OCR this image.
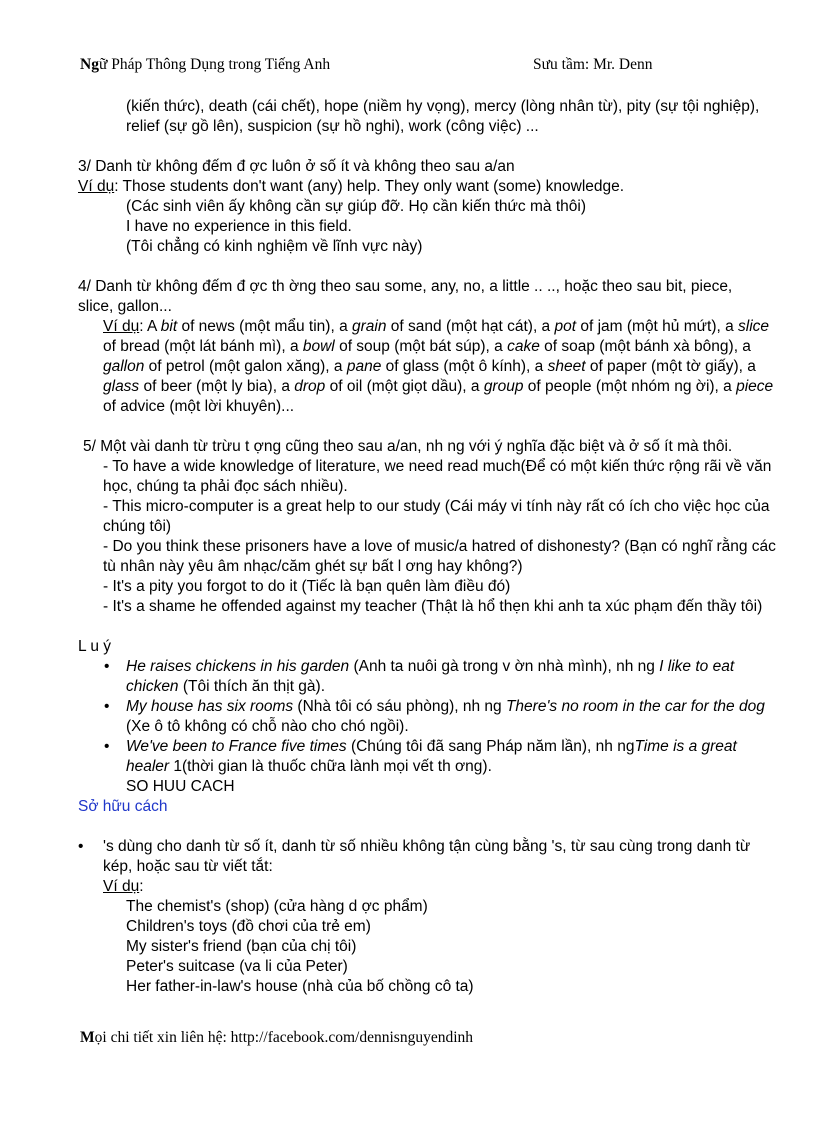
Ngữ Pháp Thông Dụng trong Tiếng Anh	Sưu tầm: Mr. Denn

(kiến thức), death (cái chết), hope (niềm hy vọng), mercy (lòng nhân từ), pity (sự tội nghiệp),

relief (sự gồ lên), suspicion (sự hồ nghi), work (công việc) ...

3/ Danh từ không đếm đ ợc luôn ở số ít và không theo sau a/an

Ví dụ: Those students don't want (any) help. They only want (some) knowledge.

(Các sinh viên ấy không cần sự giúp đỡ. Họ cần kiến thức mà thôi)

I have no experience in this field.

(Tôi chẳng có kinh nghiệm về lĩnh vực này)

4/ Danh từ không đếm đ ợc th ờng theo sau some, any, no, a little .. .., hoặc theo sau bit, piece,

slice, gallon...

Ví dụ: A bit of news (một mẩu tin), a grain of sand (một hạt cát), a pot of jam (một hủ mứt), a slice of bread (một lát bánh mì), a bowl of soup (một bát súp), a cake of soap (một bánh xà bông), a gallon of petrol (một galon xăng), a pane of glass (một ô kính), a sheet of paper (một tờ giấy), a glass of beer (một ly bia), a drop of oil (một giọt dầu), a group of people (một nhóm ng ời), a piece of advice (một lời khuyên)...

5/ Một vài danh từ trừu t ợng cũng theo sau a/an, nh ng với ý nghĩa đặc biệt và ở số ít mà thôi.

- To have a wide knowledge of literature, we need read much(Để có một kiến thức rộng rãi về văn học, chúng ta phải đọc sách nhiều).

- This micro-computer is a great help to our study (Cái máy vi tính này rất có ích cho việc học của chúng tôi)

- Do you think these prisoners have a love of music/a hatred of dishonesty? (Bạn có nghĩ rằng các tù nhân này yêu âm nhạc/căm ghét sự bất l ơng hay không?)

- It's a pity you forgot to do it (Tiếc là bạn quên làm điều đó)

- It's a shame he offended against my teacher (Thật là hổ thẹn khi anh ta xúc phạm đến thầy tôi)

L u ý

• He raises chickens in his garden (Anh ta nuôi gà trong v ờn nhà mình), nh ng I like to eat chicken (Tôi thích ăn thịt gà).
• My house has six rooms (Nhà tôi có sáu phòng), nh ng There's no room in the car for the dog (Xe ô tô không có chỗ nào cho chó ngồi).
• We've been to France five times (Chúng tôi đã sang Pháp năm lần), nh ngTime is a great healer 1(thời gian là thuốc chữa lành mọi vết th ơng).
SO HUU CACH

Sở hữu cách

• 's dùng cho danh từ số ít, danh từ số nhiều không tận cùng bằng 's, từ sau cùng trong danh từ kép, hoặc sau từ viết tắt:
Ví dụ:

The chemist's (shop) (cửa hàng d ợc phẩm)

Children's toys (đồ chơi của trẻ em)

My sister's friend (bạn của chị tôi)

Peter's suitcase (va li của Peter)

Her father-in-law's house (nhà của bố chồng cô ta)

Mọi chi tiết xin liên hệ: http://facebook.com/dennisnguyendinh
